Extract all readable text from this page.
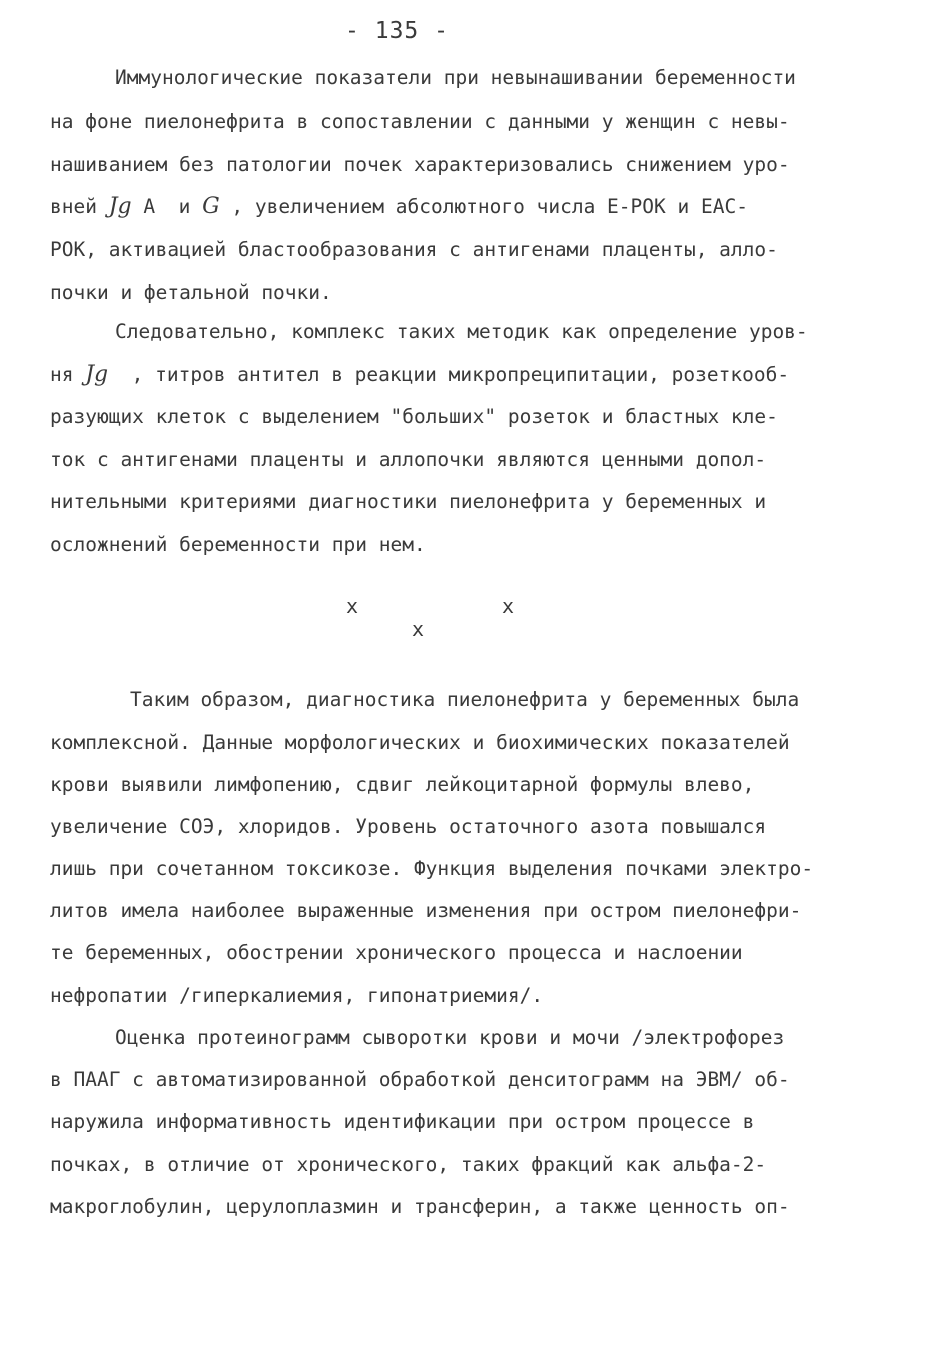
- 135 -
Иммунологические показатели при невынашивании беременности
на фоне пиелонефрита в сопоставлении с данными у женщин с невы-
нашиванием без патологии почек характеризовались снижением уро-
вней Jg A  и G , увеличением абсолютного числа Е-РОК и ЕАС-
РОК, активацией бластообразования с антигенами плаценты, алло-
почки и фетальной почки.
Следовательно, комплекс таких методик как определение уров-
ня Jg  , титров антител в реакции микропреципитации, розеткооб-
разующих клеток с выделением "больших" розеток и бластных кле-
ток с антигенами плаценты и аллопочки являются ценными допол-
нительными критериями диагностики пиелонефрита у беременных и
осложнений беременности при нем.
x	x
x
Таким образом, диагностика пиелонефрита у беременных была
комплексной. Данные морфологических и биохимических показателей
крови выявили лимфопению, сдвиг лейкоцитарной формулы влево,
увеличение СОЭ, хлоридов. Уровень остаточного азота повышался
лишь при сочетанном токсикозе. Функция выделения почками электро-
литов имела наиболее выраженные изменения при остром пиелонефри-
те беременных, обострении хронического процесса и наслоении
нефропатии /гиперкалиемия, гипонатриемия/.
Оценка протеинограмм сыворотки крови и мочи /электрофорез
в ПААГ с автоматизированной обработкой денситограмм на ЭВМ/ об-
наружила информативность идентификации при остром процессе в
почках, в отличие от хронического, таких фракций как альфа-2-
макроглобулин, церулоплазмин и трансферин, а также ценность оп-
